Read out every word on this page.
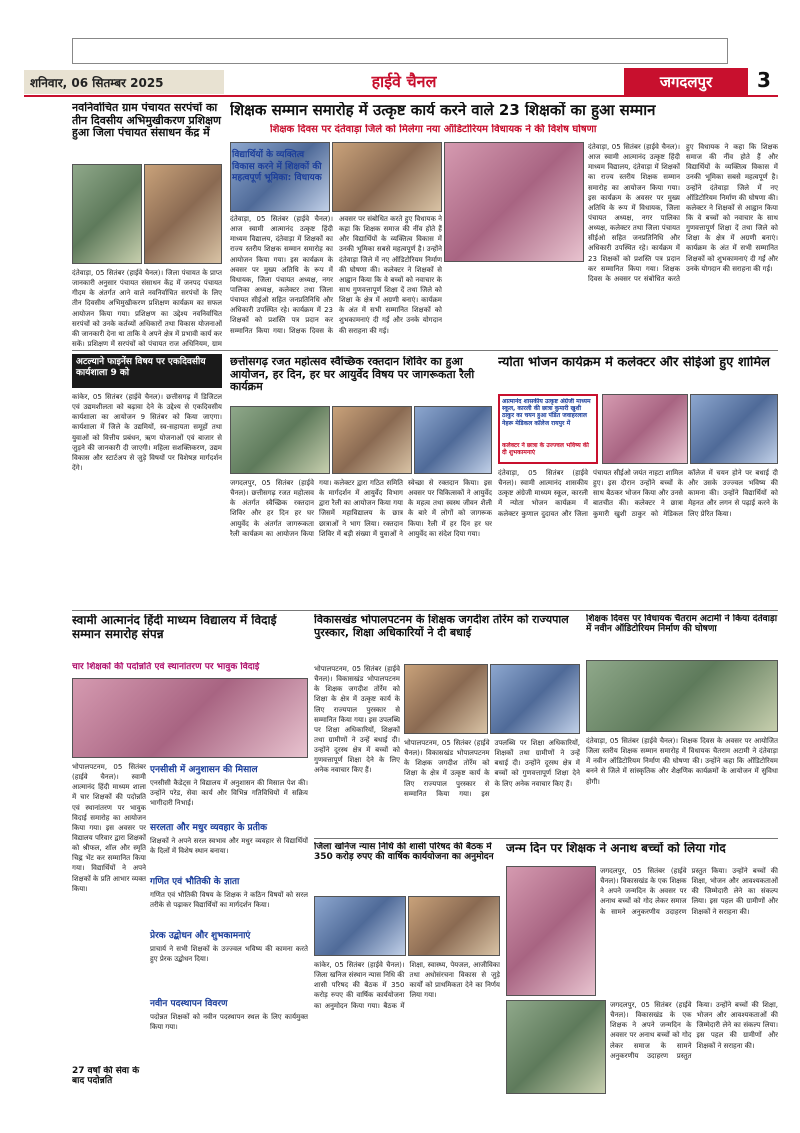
शनिवार, 06 सितम्बर 2025	हाईवे चैनल	जगदलपुर	3
नवनिर्वाचित ग्राम पंचायत सरपंचों का तीन दिवसीय अभिमुखीकरण प्रशिक्षण हुआ जिला पंचायत संसाधन केंद्र में
दंतेवाड़ा, 05 सितंबर (हाईवे चैनल)। जिला पंचायत के प्राप्त जानकारी अनुसार पंचायत संसाधन केंद्र में जनपद पंचायत गीदम के अंतर्गत आने वाले नवनिर्वाचित सरपंचों के लिए तीन दिवसीय अभिमुखीकरण प्रशिक्षण कार्यक्रम का सफल आयोजन किया गया। प्रशिक्षण का उद्देश्य नवनिर्वाचित सरपंचों को उनके कर्तव्यों अधिकारों तथा विकास योजनाओं की जानकारी देना था ताकि वे अपने क्षेत्र में प्रभावी कार्य कर सकें। प्रशिक्षण में सरपंचों को पंचायत राज अधिनियम, ग्राम
शिक्षक सम्मान समारोह में उत्कृष्ट कार्य करने वाले 23 शिक्षकों का हुआ सम्मान
शिक्षक दिवस पर दंतेवाड़ा जिले को मिलेगा नया ऑडिटोरियम विधायक ने की विशेष घोषणा
विद्यार्थियों के व्यक्तित्व विकास करने में शिक्षकों की महत्वपूर्ण भूमिका: विधायक
दंतेवाड़ा, 05 सितंबर (हाईवे चैनल)। आज स्वामी आत्मानंद उत्कृष्ट हिंदी माध्यम विद्यालय, दंतेवाड़ा में शिक्षकों का राज्य स्तरीय शिक्षक सम्मान समारोह का आयोजन किया गया। इस कार्यक्रम के अवसर पर मुख्य अतिथि के रूप में विधायक, जिला पंचायत अध्यक्ष, नगर पालिका अध्यक्ष, कलेक्टर तथा जिला पंचायत सीईओ सहित जनप्रतिनिधि और अधिकारी उपस्थित रहे। कार्यक्रम में 23 शिक्षकों को प्रशस्ति पत्र प्रदान कर सम्मानित किया गया। शिक्षक दिवस के अवसर पर संबोधित करते हुए विधायक ने कहा कि शिक्षक समाज की नींव होते हैं और विद्यार्थियों के व्यक्तित्व विकास में उनकी भूमिका सबसे महत्वपूर्ण है। उन्होंने दंतेवाड़ा जिले में नए ऑडिटोरियम निर्माण की घोषणा की। कलेक्टर ने शिक्षकों से आह्वान किया कि वे बच्चों को नवाचार के साथ गुणवत्तापूर्ण शिक्षा दें तथा जिले को शिक्षा के क्षेत्र में अग्रणी बनाएं। कार्यक्रम के अंत में सभी सम्मानित शिक्षकों को शुभकामनाएं दी गईं और उनके योगदान की सराहना की गई।
दंतेवाड़ा, 05 सितंबर (हाईवे चैनल)। आज स्वामी आत्मानंद उत्कृष्ट हिंदी माध्यम विद्यालय, दंतेवाड़ा में शिक्षकों का राज्य स्तरीय शिक्षक सम्मान समारोह का आयोजन किया गया। इस कार्यक्रम के अवसर पर मुख्य अतिथि के रूप में विधायक, जिला पंचायत अध्यक्ष, नगर पालिका अध्यक्ष, कलेक्टर तथा जिला पंचायत सीईओ सहित जनप्रतिनिधि और अधिकारी उपस्थित रहे। कार्यक्रम में 23 शिक्षकों को प्रशस्ति पत्र प्रदान कर सम्मानित किया गया। शिक्षक दिवस के अवसर पर संबोधित करते हुए विधायक ने कहा कि शिक्षक समाज की नींव होते हैं और विद्यार्थियों के व्यक्तित्व विकास में उनकी भूमिका सबसे महत्वपूर्ण है। उन्होंने दंतेवाड़ा जिले में नए ऑडिटोरियम निर्माण की घोषणा की। कलेक्टर ने शिक्षकों से आह्वान किया कि वे बच्चों को नवाचार के साथ गुणवत्तापूर्ण शिक्षा दें तथा जिले को शिक्षा के क्षेत्र में अग्रणी बनाएं। कार्यक्रम के अंत में सभी सम्मानित शिक्षकों को शुभकामनाएं दी गईं और उनके योगदान की सराहना की गई।
अटल्याने फाइनेंस विषय पर एकदिवसीय कार्यशाला 9 को
कांकेर, 05 सितंबर (हाईवे चैनल)। छत्तीसगढ़ में डिजिटल एवं उद्यमशीलता को बढ़ावा देने के उद्देश्य से एकदिवसीय कार्यशाला का आयोजन 9 सितंबर को किया जाएगा। कार्यशाला में जिले के उद्यमियों, स्व-सहायता समूहों तथा युवाओं को वित्तीय प्रबंधन, ऋण योजनाओं एवं बाजार से जुड़ने की जानकारी दी जाएगी। महिला सशक्तिकरण, उद्यम विकास और स्टार्टअप से जुड़े विषयों पर विशेषज्ञ मार्गदर्शन देंगे।
छत्तीसगढ़ रजत महोत्सव स्वैच्छिक रक्तदान शिविर का हुआ आयोजन, हर दिन, हर घर आयुर्वेद विषय पर जागरूकता रैली कार्यक्रम
जगदलपुर, 05 सितंबर (हाईवे चैनल)। छत्तीसगढ़ रजत महोत्सव के अंतर्गत स्वैच्छिक रक्तदान शिविर और हर दिन हर घर आयुर्वेद के अंतर्गत जागरूकता रैली कार्यक्रम का आयोजन किया गया। कलेक्टर द्वारा गठित समिति के मार्गदर्शन में आयुर्वेद विभाग द्वारा रैली का आयोजन किया गया जिसमें महाविद्यालय के छात्र छात्राओं ने भाग लिया। रक्तदान शिविर में बड़ी संख्या में युवाओं ने स्वेच्छा से रक्तदान किया। इस अवसर पर चिकित्सकों ने आयुर्वेद के महत्व तथा स्वस्थ जीवन शैली के बारे में लोगों को जागरूक किया। रैली में हर दिन हर घर आयुर्वेद का संदेश दिया गया।
न्योता भोजन कार्यक्रम में कलेक्टर और सीईओ हुए शामिल
आत्मानंद शासकीय उत्कृष्ट अंग्रेजी माध्यम स्कूल, कारली की छात्रा कुमारी खुशी ठाकुर का चयन हुआ पंडित जवाहरलाल नेहरू मेडिकल कॉलेज रायपुर में
कलेक्टर ने छात्रा के उज्ज्वल भविष्य की दी शुभकामनाएं
दंतेवाड़ा, 05 सितंबर (हाईवे चैनल)। स्वामी आत्मानंद शासकीय उत्कृष्ट अंग्रेजी माध्यम स्कूल, कारली में न्योता भोजन कार्यक्रम में कलेक्टर कुणाल दुदावत और जिला पंचायत सीईओ जयंत नाहटा शामिल हुए। इस दौरान उन्होंने बच्चों के साथ बैठकर भोजन किया और उनसे बातचीत की। कलेक्टर ने छात्रा कुमारी खुशी ठाकुर को मेडिकल कॉलेज में चयन होने पर बधाई दी और उसके उज्ज्वल भविष्य की कामना की। उन्होंने विद्यार्थियों को मेहनत और लगन से पढ़ाई करने के लिए प्रेरित किया।
स्वामी आत्मानंद हिंदी माध्यम विद्यालय में विदाई सम्मान समारोह संपन्न
चार शिक्षकों की पदोन्नति एवं स्थानांतरण पर भावुक विदाई
भोपालपटनम, 05 सितंबर (हाईवे चैनल)। स्वामी आत्मानंद हिंदी माध्यम शाला में चार शिक्षकों की पदोन्नति एवं स्थानांतरण पर भावुक विदाई समारोह का आयोजन किया गया। इस अवसर पर विद्यालय परिवार द्वारा शिक्षकों को श्रीफल, शॉल और स्मृति चिह्न भेंट कर सम्मानित किया गया। विद्यार्थियों ने अपने शिक्षकों के प्रति आभार व्यक्त किया।
एनसीसी में अनुशासन की मिसाल
एनसीसी कैडेट्स ने विद्यालय में अनुशासन की मिसाल पेश की। उन्होंने परेड, सेवा कार्य और विभिन्न गतिविधियों में सक्रिय भागीदारी निभाई।
सरलता और मधुर व्यवहार के प्रतीक
शिक्षकों ने अपने सरल स्वभाव और मधुर व्यवहार से विद्यार्थियों के दिलों में विशेष स्थान बनाया।
गणित एवं भौतिकी के ज्ञाता
गणित एवं भौतिकी विषय के शिक्षक ने कठिन विषयों को सरल तरीके से पढ़ाकर विद्यार्थियों का मार्गदर्शन किया।
प्रेरक उद्बोधन और शुभकामनाएं
प्राचार्य ने सभी शिक्षकों के उज्ज्वल भविष्य की कामना करते हुए प्रेरक उद्बोधन दिया।
नवीन पदस्थापन विवरण
पदोन्नत शिक्षकों को नवीन पदस्थापन स्थल के लिए कार्यमुक्त किया गया।
27 वर्षों की सेवा के बाद पदोन्नति
विकासखंड भोपालपटनम के शिक्षक जगदीश तोर्रेम को राज्यपाल पुरस्कार, शिक्षा अधिकारियों ने दी बधाई
भोपालपटनम, 05 सितंबर (हाईवे चैनल)। विकासखंड भोपालपटनम के शिक्षक जगदीश तोर्रेम को शिक्षा के क्षेत्र में उत्कृष्ट कार्य के लिए राज्यपाल पुरस्कार से सम्मानित किया गया। इस उपलब्धि पर शिक्षा अधिकारियों, शिक्षकों तथा ग्रामीणों ने उन्हें बधाई दी। उन्होंने दूरस्थ क्षेत्र में बच्चों को गुणवत्तापूर्ण शिक्षा देने के लिए अनेक नवाचार किए हैं।
भोपालपटनम, 05 सितंबर (हाईवे चैनल)। विकासखंड भोपालपटनम के शिक्षक जगदीश तोर्रेम को शिक्षा के क्षेत्र में उत्कृष्ट कार्य के लिए राज्यपाल पुरस्कार से सम्मानित किया गया। इस उपलब्धि पर शिक्षा अधिकारियों, शिक्षकों तथा ग्रामीणों ने उन्हें बधाई दी। उन्होंने दूरस्थ क्षेत्र में बच्चों को गुणवत्तापूर्ण शिक्षा देने के लिए अनेक नवाचार किए हैं।
शिक्षक दिवस पर विधायक चैतराम अटामी ने किया दंतेवाड़ा में नवीन ऑडिटोरियम निर्माण की घोषणा
दंतेवाड़ा, 05 सितंबर (हाईवे चैनल)। शिक्षक दिवस के अवसर पर आयोजित जिला स्तरीय शिक्षक सम्मान समारोह में विधायक चैतराम अटामी ने दंतेवाड़ा में नवीन ऑडिटोरियम निर्माण की घोषणा की। उन्होंने कहा कि ऑडिटोरियम बनने से जिले में सांस्कृतिक और शैक्षणिक कार्यक्रमों के आयोजन में सुविधा होगी।
जिला खनिज न्यास निधि की शासी परिषद की बैठक में 350 करोड़ रुपए की वार्षिक कार्ययोजना का अनुमोदन
कांकेर, 05 सितंबर (हाईवे चैनल)। जिला खनिज संस्थान न्यास निधि की शासी परिषद की बैठक में 350 करोड़ रुपए की वार्षिक कार्ययोजना का अनुमोदन किया गया। बैठक में शिक्षा, स्वास्थ्य, पेयजल, आजीविका तथा अधोसंरचना विकास से जुड़े कार्यों को प्राथमिकता देने का निर्णय लिया गया।
जन्म दिन पर शिक्षक ने अनाथ बच्चों को लिया गोद
जगदलपुर, 05 सितंबर (हाईवे चैनल)। विकासखंड के एक शिक्षक ने अपने जन्मदिन के अवसर पर अनाथ बच्चों को गोद लेकर समाज के सामने अनुकरणीय उदाहरण प्रस्तुत किया। उन्होंने बच्चों की शिक्षा, भोजन और आवश्यकताओं की जिम्मेदारी लेने का संकल्प लिया। इस पहल की ग्रामीणों और शिक्षकों ने सराहना की।
जगदलपुर, 05 सितंबर (हाईवे चैनल)। विकासखंड के एक शिक्षक ने अपने जन्मदिन के अवसर पर अनाथ बच्चों को गोद लेकर समाज के सामने अनुकरणीय उदाहरण प्रस्तुत किया। उन्होंने बच्चों की शिक्षा, भोजन और आवश्यकताओं की जिम्मेदारी लेने का संकल्प लिया। इस पहल की ग्रामीणों और शिक्षकों ने सराहना की।
